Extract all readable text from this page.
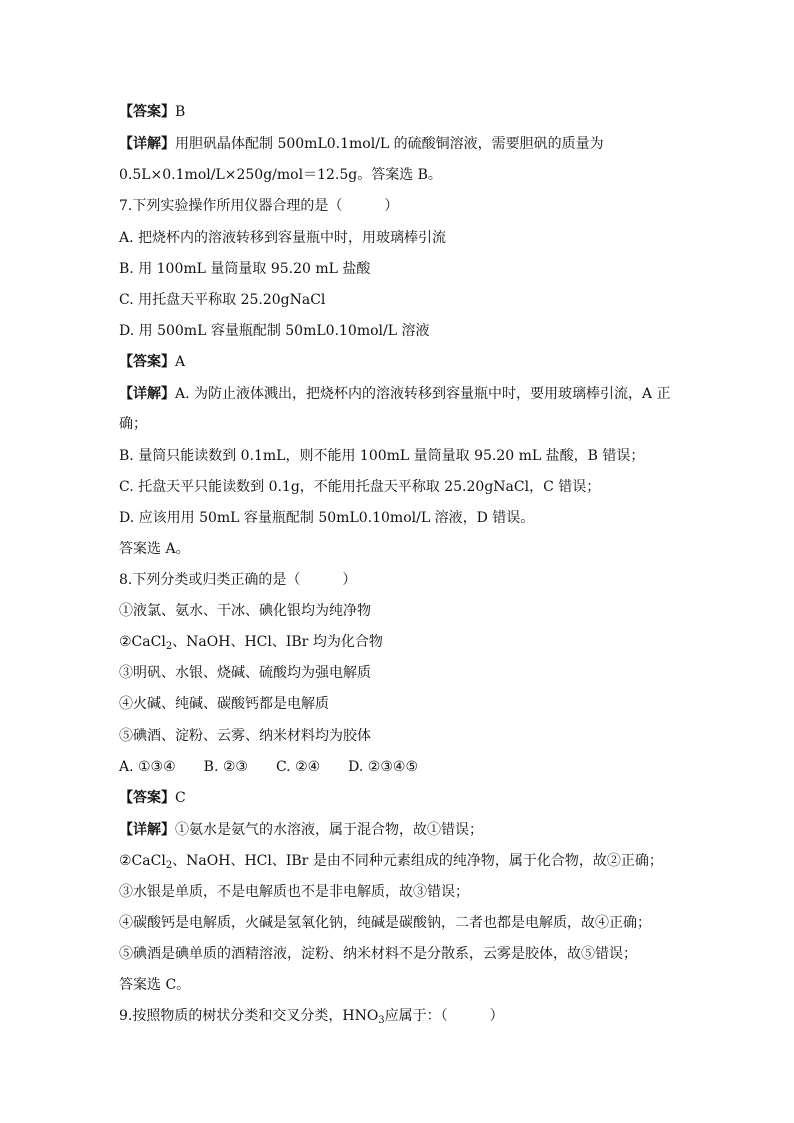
【答案】B
【详解】用胆矾晶体配制 500mL0.1mol/L 的硫酸铜溶液，需要胆矾的质量为
0.5L×0.1mol/L×250g/mol＝12.5g。答案选 B。
7.下列实验操作所用仪器合理的是（　　　）
A. 把烧杯内的溶液转移到容量瓶中时，用玻璃棒引流
B. 用 100mL 量筒量取 95.20 mL 盐酸
C. 用托盘天平称取 25.20gNaCl
D. 用 500mL 容量瓶配制 50mL0.10mol/L 溶液
【答案】A
【详解】A. 为防止液体溅出，把烧杯内的溶液转移到容量瓶中时，要用玻璃棒引流，A 正
确；
B. 量筒只能读数到 0.1mL，则不能用 100mL 量筒量取 95.20 mL 盐酸，B 错误；
C. 托盘天平只能读数到 0.1g，不能用托盘天平称取 25.20gNaCl，C 错误；
D. 应该用用 50mL 容量瓶配制 50mL0.10mol/L 溶液，D 错误。
答案选 A。
8.下列分类或归类正确的是（　　　）
①液氯、氨水、干冰、碘化银均为纯净物
②CaCl$_2$、NaOH、HCl、IBr 均为化合物
③明矾、水银、烧碱、硫酸均为强电解质
④火碱、纯碱、碳酸钙都是电解质
⑤碘酒、淀粉、云雾、纳米材料均为胶体
A. ①③④　　B. ②③　　C. ②④　　D. ②③④⑤
【答案】C
【详解】①氨水是氨气的水溶液，属于混合物，故①错误；
②CaCl$_2$、NaOH、HCl、IBr 是由不同种元素组成的纯净物，属于化合物，故②正确；
③水银是单质，不是电解质也不是非电解质，故③错误；
④碳酸钙是电解质，火碱是氢氧化钠，纯碱是碳酸钠，二者也都是电解质，故④正确；
⑤碘酒是碘单质的酒精溶液，淀粉、纳米材料不是分散系，云雾是胶体，故⑤错误；
答案选 C。
9.按照物质的树状分类和交叉分类，$HNO_3$应属于：（　　　）
